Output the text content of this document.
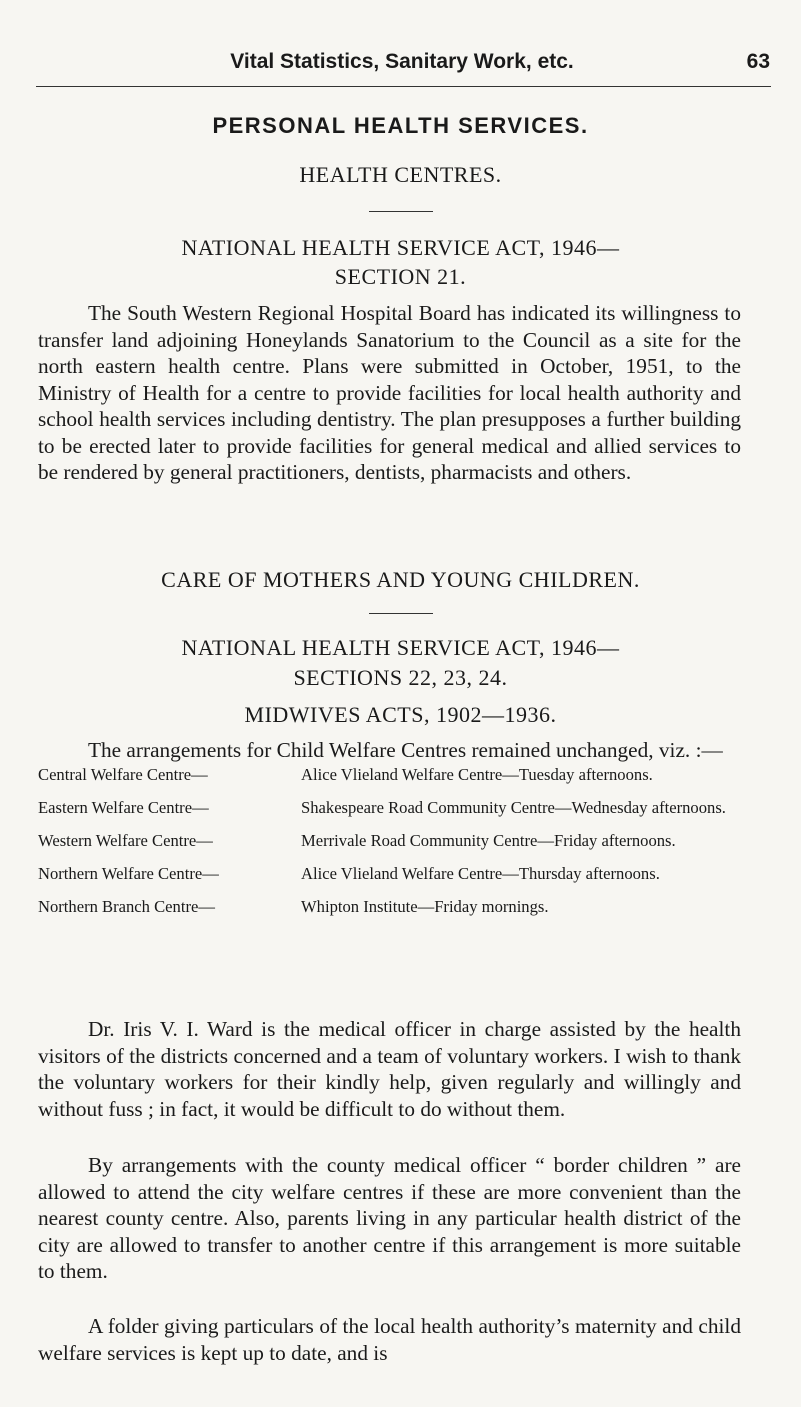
Vital Statistics, Sanitary Work, etc.	63
PERSONAL HEALTH SERVICES.
HEALTH CENTRES.
NATIONAL HEALTH SERVICE ACT, 1946—
SECTION 21.

The South Western Regional Hospital Board has indicated its willingness to transfer land adjoining Honeylands Sanatorium to the Council as a site for the north eastern health centre. Plans were submitted in October, 1951, to the Ministry of Health for a centre to provide facilities for local health authority and school health services including dentistry. The plan presupposes a further building to be erected later to provide facilities for general medical and allied services to be rendered by general practitioners, dentists, pharmacists and others.

CARE OF MOTHERS AND YOUNG CHILDREN.
NATIONAL HEALTH SERVICE ACT, 1946—
SECTIONS 22, 23, 24.
MIDWIVES ACTS, 1902—1936.

The arrangements for Child Welfare Centres remained unchanged, viz. :—

Central Welfare Centre—	Alice Vlieland Welfare Centre—Tuesday afternoons.
Eastern Welfare Centre—	Shakespeare Road Community Centre—Wednesday afternoons.
Western Welfare Centre—	Merrivale Road Community Centre—Friday afternoons.
Northern Welfare Centre—	Alice Vlieland Welfare Centre—Thursday afternoons.
Northern Branch Centre—	Whipton Institute—Friday mornings.

Dr. Iris V. I. Ward is the medical officer in charge assisted by the health visitors of the districts concerned and a team of voluntary workers. I wish to thank the voluntary workers for their kindly help, given regularly and willingly and without fuss ; in fact, it would be difficult to do without them.

By arrangements with the county medical officer “ border children ” are allowed to attend the city welfare centres if these are more convenient than the nearest county centre. Also, parents living in any particular health district of the city are allowed to transfer to another centre if this arrangement is more suitable to them.

A folder giving particulars of the local health authority’s maternity and child welfare services is kept up to date, and is
